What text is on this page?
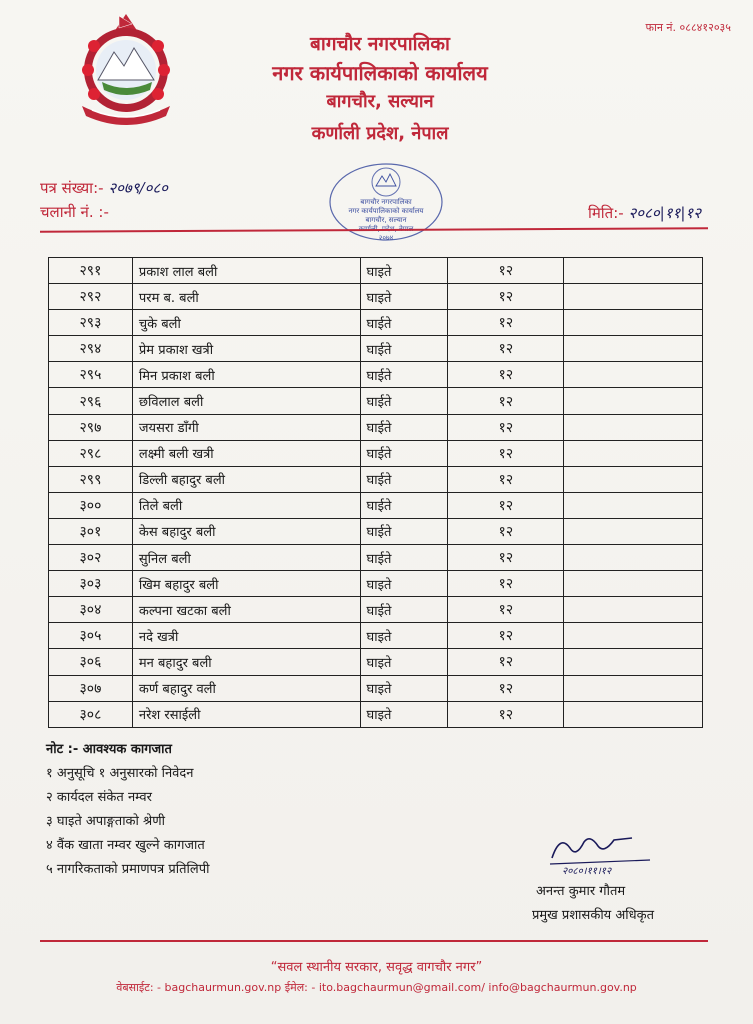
फान नं. ०८८४१२०३५
बागचौर नगरपालिका
नगर कार्यपालिकाको कार्यालय
बागचौर, सल्यान
कर्णाली प्रदेश, नेपाल
पत्र संख्या:- २०७९/०८०
चलानी नं. :-
बागचौर नगरपालिका
नगर कार्यपालिकाको कार्यालय
बागचौर, सल्यान
२०७४
मिति:- २०८०|११|१२
२९१	प्रकाश लाल बली	घाइते	१२	
२९२	परम ब. बली	घाइते	१२	
२९३	चुके बली	घाईते	१२	
२९४	प्रेम प्रकाश खत्री	घाईते	१२	
२९५	मिन प्रकाश बली	घाईते	१२	
२९६	छविलाल बली	घाईते	१२	
२९७	जयसरा डाँगी	घाईते	१२	
२९८	लक्ष्मी बली खत्री	घाईते	१२	
२९९	डिल्ली बहादुर बली	घाईते	१२	
३००	तिले बली	घाईते	१२	
३०१	केस बहादुर बली	घाईते	१२	
३०२	सुनिल बली	घाईते	१२	
३०३	खिम बहादुर बली	घाइते	१२	
३०४	कल्पना खटका बली	घाईते	१२	
३०५	नदे खत्री	घाइते	१२	
३०६	मन बहादुर बली	घाइते	१२	
३०७	कर्ण बहादुर वली	घाइते	१२	
३०८	नरेश रसाईली	घाइते	१२	
नोट :- आवश्यक कागजात
१ अनुसूचि १ अनुसारको निवेदन
२ कार्यदल संकेत नम्वर
३ घाइते अपाङ्गताको श्रेणी
४ वैंक खाता नम्वर खुल्ने कागजात
५ नागरिकताको प्रमाणपत्र प्रतिलिपी	२०८०।११।१२
अनन्त कुमार गौतम
प्रमुख प्रशासकीय अधिकृत
“सवल स्थानीय सरकार, सवृद्ध वागचौर नगर”
वेबसाईट: - bagchaurmun.gov.np ईमेल: - ito.bagchaurmun@gmail.com/ info@bagchaurmun.gov.np
